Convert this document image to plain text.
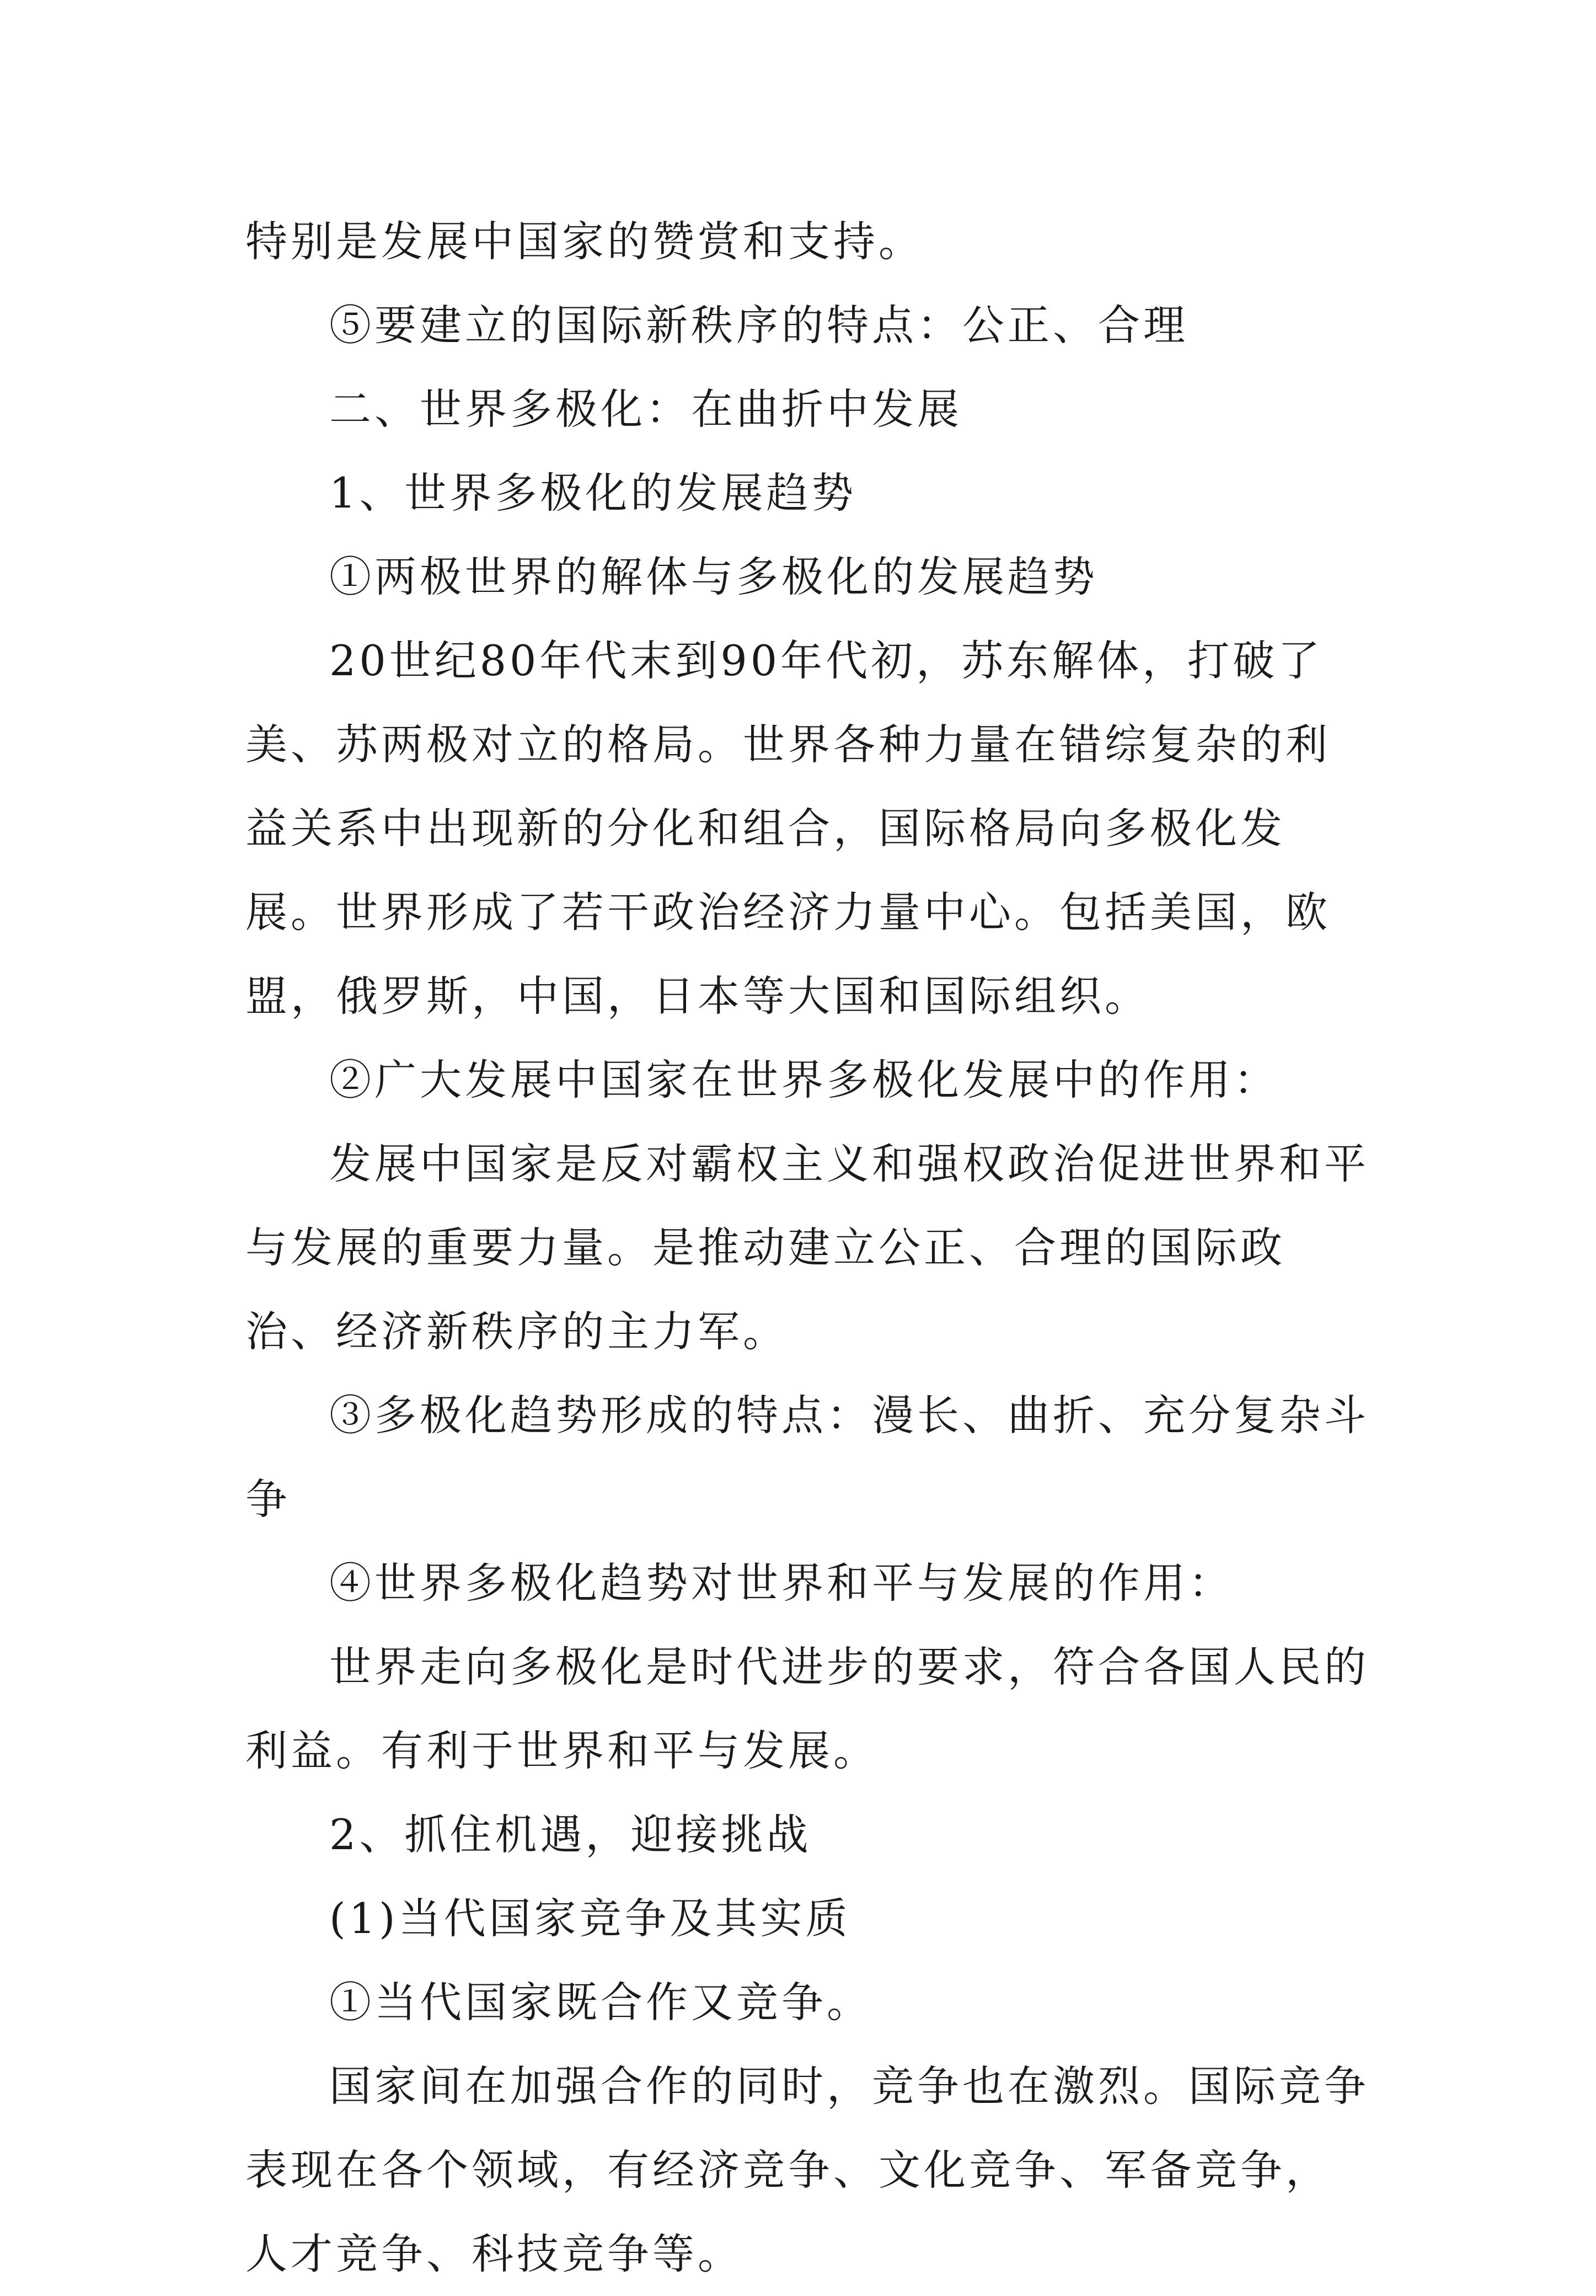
特别是发展中国家的赞赏和支持。

⑤要建立的国际新秩序的特点：公正、合理

二、世界多极化：在曲折中发展

1、世界多极化的发展趋势

①两极世界的解体与多极化的发展趋势

20世纪80年代末到90年代初，苏东解体，打破了美、苏两极对立的格局。世界各种力量在错综复杂的利益关系中出现新的分化和组合，国际格局向多极化发展。世界形成了若干政治经济力量中心。包括美国，欧盟，俄罗斯，中国，日本等大国和国际组织。

②广大发展中国家在世界多极化发展中的作用：

发展中国家是反对霸权主义和强权政治促进世界和平与发展的重要力量。是推动建立公正、合理的国际政治、经济新秩序的主力军。

③多极化趋势形成的特点：漫长、曲折、充分复杂斗争

④世界多极化趋势对世界和平与发展的作用：

世界走向多极化是时代进步的要求，符合各国人民的利益。有利于世界和平与发展。

2、抓住机遇，迎接挑战

(1)当代国家竞争及其实质

①当代国家既合作又竞争。

国家间在加强合作的同时，竞争也在激烈。国际竞争表现在各个领域，有经济竞争、文化竞争、军备竞争，人才竞争、科技竞争等。
